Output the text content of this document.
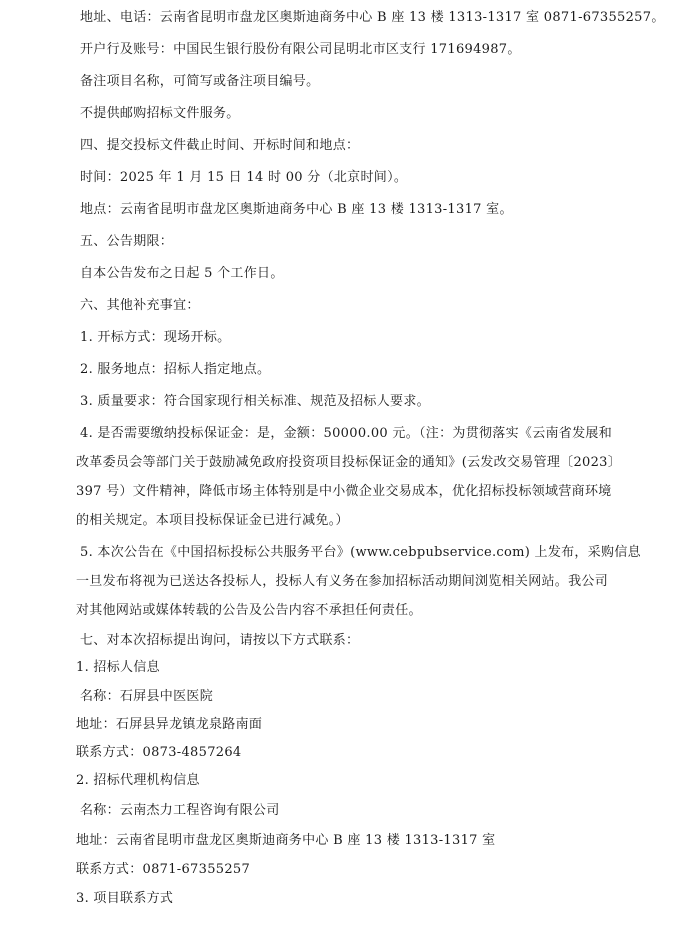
地址、电话：云南省昆明市盘龙区奥斯迪商务中心 B 座 13 楼 1313-1317 室 0871-67355257。
开户行及账号：中国民生银行股份有限公司昆明北市区支行 171694987。
备注项目名称，可简写或备注项目编号。
不提供邮购招标文件服务。
四、提交投标文件截止时间、开标时间和地点：
时间：2025 年 1 月 15 日 14 时 00 分（北京时间）。
地点：云南省昆明市盘龙区奥斯迪商务中心 B 座 13 楼 1313-1317 室。
五、公告期限：
自本公告发布之日起 5 个工作日。
六、其他补充事宜：
1. 开标方式：现场开标。
2. 服务地点：招标人指定地点。
3. 质量要求：符合国家现行相关标准、规范及招标人要求。
4. 是否需要缴纳投标保证金：是，金额：50000.00 元。（注：为贯彻落实《云南省发展和
改革委员会等部门关于鼓励减免政府投资项目投标保证金的通知》(云发改交易管理〔2023〕
397 号）文件精神，降低市场主体特别是中小微企业交易成本，优化招标投标领域营商环境
的相关规定。本项目投标保证金已进行减免。）
5. 本次公告在《中国招标投标公共服务平台》(www.cebpubservice.com) 上发布，采购信息
一旦发布将视为已送达各投标人，投标人有义务在参加招标活动期间浏览相关网站。我公司
对其他网站或媒体转载的公告及公告内容不承担任何责任。
七、对本次招标提出询问，请按以下方式联系：
1. 招标人信息
名称：石屏县中医医院
地址：石屏县异龙镇龙泉路南面
联系方式：0873-4857264
2. 招标代理机构信息
名称：云南杰力工程咨询有限公司
地址：云南省昆明市盘龙区奥斯迪商务中心 B 座 13 楼 1313-1317 室
联系方式：0871-67355257
3. 项目联系方式
